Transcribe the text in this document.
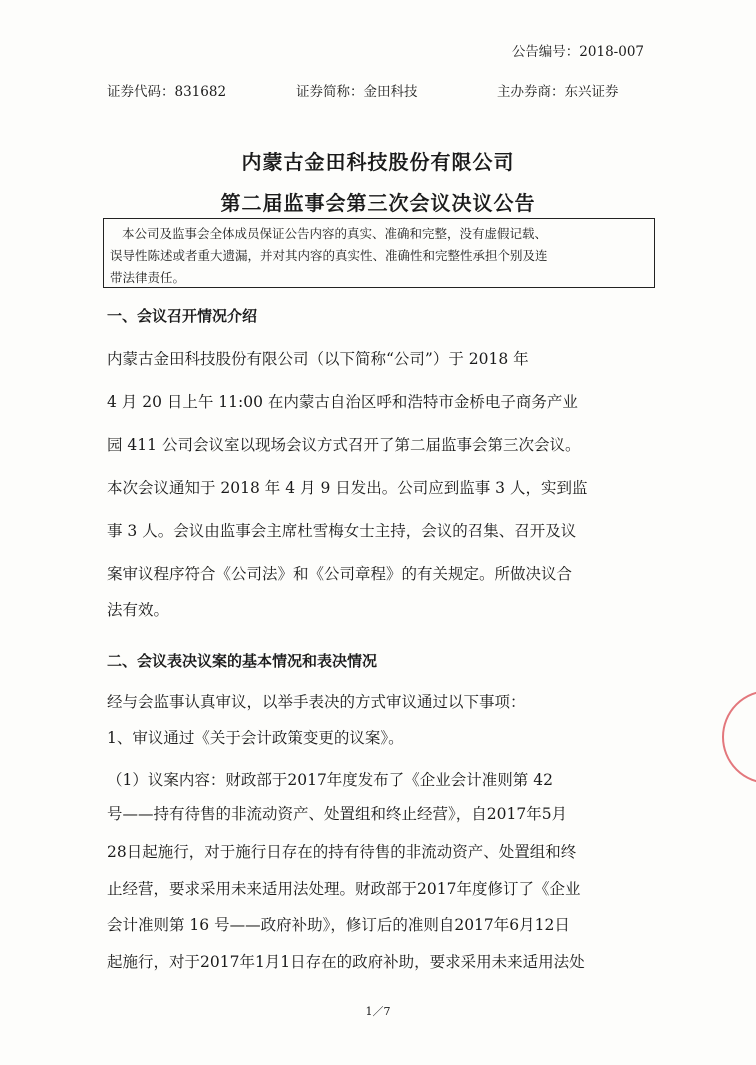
公告编号：2018-007
证券代码：831682	证券简称：金田科技	主办券商：东兴证券
内蒙古金田科技股份有限公司
第二届监事会第三次会议决议公告
本公司及监事会全体成员保证公告内容的真实、准确和完整，没有虚假记载、
误导性陈述或者重大遗漏，并对其内容的真实性、准确性和完整性承担个别及连
带法律责任。
一、会议召开情况介绍
内蒙古金田科技股份有限公司（以下简称“公司”）于 2018 年
4 月 20 日上午 11:00 在内蒙古自治区呼和浩特市金桥电子商务产业
园 411 公司会议室以现场会议方式召开了第二届监事会第三次会议。
本次会议通知于 2018 年 4 月 9 日发出。公司应到监事 3 人，实到监
事 3 人。会议由监事会主席杜雪梅女士主持，会议的召集、召开及议
案审议程序符合《公司法》和《公司章程》的有关规定。所做决议合
法有效。
二、会议表决议案的基本情况和表决情况
经与会监事认真审议，以举手表决的方式审议通过以下事项：
1、审议通过《关于会计政策变更的议案》。
（1）议案内容：财政部于2017年度发布了《企业会计准则第 42
号——持有待售的非流动资产、处置组和终止经营》，自2017年5月
28日起施行，对于施行日存在的持有待售的非流动资产、处置组和终
止经营，要求采用未来适用法处理。财政部于2017年度修订了《企业
会计准则第 16 号——政府补助》，修订后的准则自2017年6月12日
起施行，对于2017年1月1日存在的政府补助，要求采用未来适用法处
1／7
